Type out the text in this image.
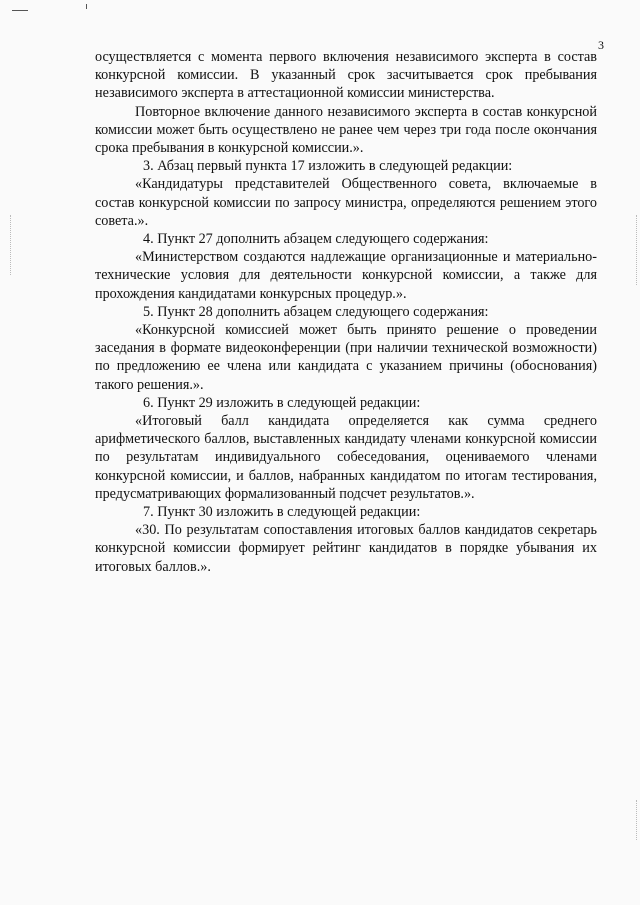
3

осуществляется с момента первого включения независимого эксперта в состав конкурсной комиссии. В указанный срок засчитывается срок пребывания независимого эксперта в аттестационной комиссии министерства.

Повторное включение данного независимого эксперта в состав конкурсной комиссии может быть осуществлено не ранее чем через три года после окончания срока пребывания в конкурсной комиссии.».

3. Абзац первый пункта 17 изложить в следующей редакции:

«Кандидатуры представителей Общественного совета, включаемые в состав конкурсной комиссии по запросу министра, определяются решением этого совета.».

4. Пункт 27 дополнить абзацем следующего содержания:

«Министерством создаются надлежащие организационные и материально-технические условия для деятельности конкурсной комиссии, а также для прохождения кандидатами конкурсных процедур.».

5. Пункт 28 дополнить абзацем следующего содержания:

«Конкурсной комиссией может быть принято решение о проведении заседания в формате видеоконференции (при наличии технической возможности) по предложению ее члена или кандидата с указанием причины (обоснования) такого решения.».

6. Пункт 29 изложить в следующей редакции:

«Итоговый балл кандидата определяется как сумма среднего арифметического баллов, выставленных кандидату членами конкурсной комиссии по результатам индивидуального собеседования, оцениваемого членами конкурсной комиссии, и баллов, набранных кандидатом по итогам тестирования, предусматривающих формализованный подсчет результатов.».

7. Пункт 30 изложить в следующей редакции:

«30. По результатам сопоставления итоговых баллов кандидатов секретарь конкурсной комиссии формирует рейтинг кандидатов в порядке убывания их итоговых баллов.».
